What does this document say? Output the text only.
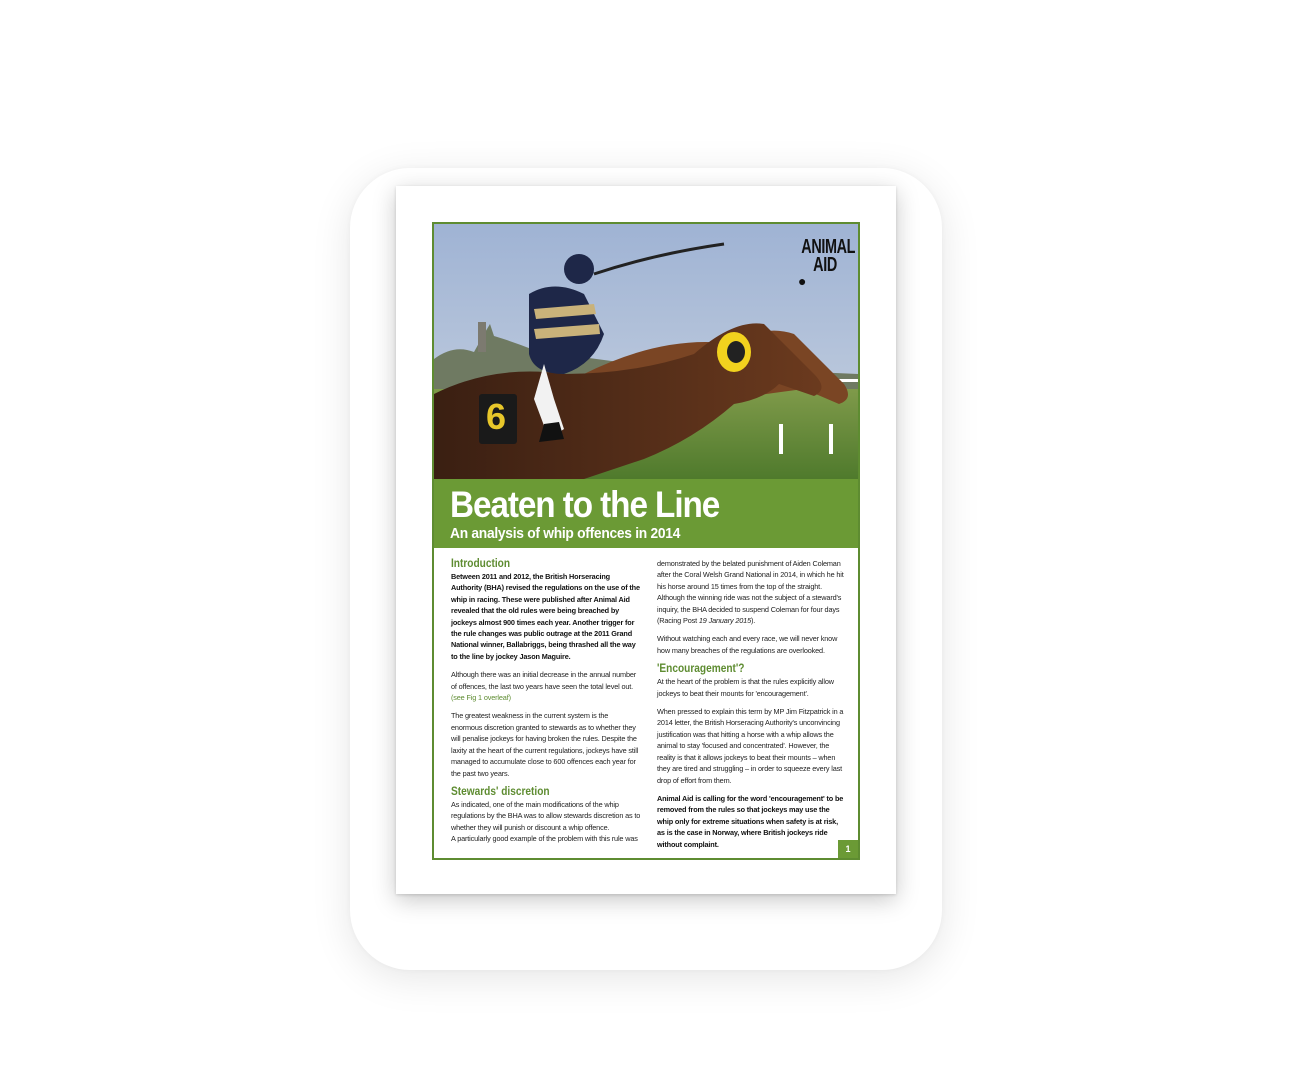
6
ANIMAL
AID
●
Beaten to the Line
An analysis of whip offences in 2014
Introduction

Between 2011 and 2012, the British Horseracing Authority (BHA) revised the regulations on the use of the whip in racing. These were published after Animal Aid revealed that the old rules were being breached by jockeys almost 900 times each year. Another trigger for the rule changes was public outrage at the 2011 Grand National winner, Ballabriggs, being thrashed all the way to the line by jockey Jason Maguire.

Although there was an initial decrease in the annual number of offences, the last two years have seen the total level out.
(see Fig 1 overleaf)

The greatest weakness in the current system is the enormous discretion granted to stewards as to whether they will penalise jockeys for having broken the rules. Despite the laxity at the heart of the current regulations, jockeys have still managed to accumulate close to 600 offences each year for the past two years.

Stewards' discretion

As indicated, one of the main modifications of the whip regulations by the BHA was to allow stewards discretion as to whether they will punish or discount a whip offence.

A particularly good example of the problem with this rule was

demonstrated by the belated punishment of Aiden Coleman after the Coral Welsh Grand National in 2014, in which he hit his horse around 15 times from the top of the straight. Although the winning ride was not the subject of a steward's inquiry, the BHA decided to suspend Coleman for four days (Racing Post 19 January 2015).

Without watching each and every race, we will never know how many breaches of the regulations are overlooked.

'Encouragement'?

At the heart of the problem is that the rules explicitly allow jockeys to beat their mounts for 'encouragement'.

When pressed to explain this term by MP Jim Fitzpatrick in a 2014 letter, the British Horseracing Authority's unconvincing justification was that hitting a horse with a whip allows the animal to stay 'focused and concentrated'. However, the reality is that it allows jockeys to beat their mounts – when they are tired and struggling – in order to squeeze every last drop of effort from them.

Animal Aid is calling for the word 'encouragement' to be removed from the rules so that jockeys may use the whip only for extreme situations when safety is at risk, as is the case in Norway, where British jockeys ride without complaint.	1
